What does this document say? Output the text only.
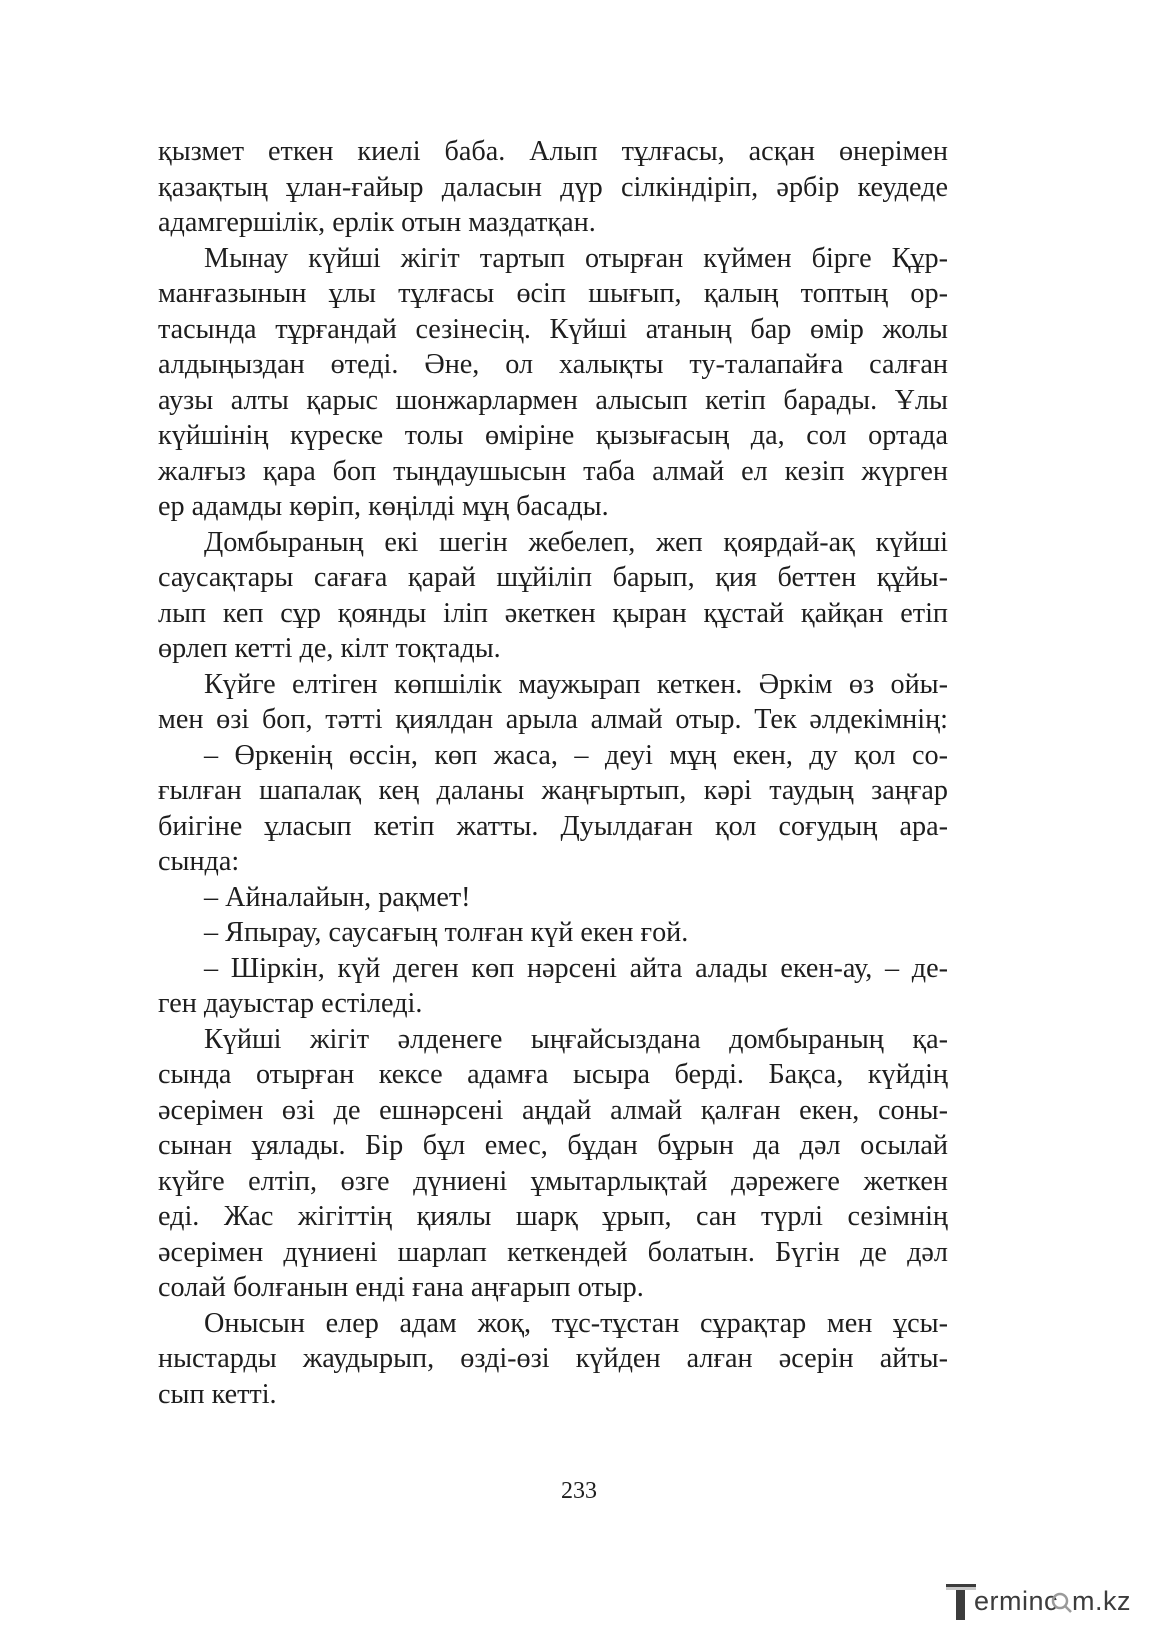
қызмет еткен киелі баба. Алып тұлғасы, асқан өнерімен
қазақтың ұлан-ғайыр даласын дүр сілкіндіріп, әрбір кеудеде
адамгершілік, ерлік отын маздатқан.
Мынау күйші жігіт тартып отырған күймен бірге Құр-
манғазынын ұлы тұлғасы өсіп шығып, қалың топтың ор-
тасында тұрғандай сезінесің. Күйші атаның бар өмір жолы
алдыңыздан өтеді. Әне, ол халықты ту-талапайға салған
аузы алты қарыс шонжарлармен алысып кетіп барады. Ұлы
күйшінің күреске толы өміріне қызығасың да, сол ортада
жалғыз қара боп тыңдаушысын таба алмай ел кезіп жүрген
ер адамды көріп, көңілді мұң басады.
Домбыраның екі шегін жебелеп, жеп қоярдай-ақ күйші
саусақтары сағаға қарай шұйіліп барып, қия беттен құйы-
лып кеп сұр қоянды іліп әкеткен қыран құстай қайқан етіп
өрлеп кетті де, кілт тоқтады.
Күйге елтіген көпшілік маужырап кеткен. Әркім өз ойы-
мен өзі боп, тәтті қиялдан арыла алмай отыр. Тек әлдекімнің:
– Өркенің өссін, көп жаса, – деуі мұң екен, ду қол со-
ғылған шапалақ кең даланы жаңғыртып, кәрі таудың заңғар
биігіне ұласып кетіп жатты. Дуылдаған қол соғудың ара-
сында:
– Айналайын, рақмет!
– Япырау, саусағың толған күй екен ғой.
– Шіркін, күй деген көп нәрсені айта алады екен-ау, – де-
ген дауыстар естіледі.
Күйші жігіт әлденеге ыңғайсыздана домбыраның қа-
сында отырған кексе адамға ысыра берді. Бақса, күйдің
әсерімен өзі де ешнәрсені аңдай алмай қалған екен, соны-
сынан ұялады. Бір бұл емес, бұдан бұрын да дәл осылай
күйге елтіп, өзге дүниені ұмытарлықтай дәрежеге жеткен
еді. Жас жігіттің қиялы шарқ ұрып, сан түрлі сезімнің
әсерімен дүниені шарлап кеткендей болатын. Бүгін де дәл
солай болғанын енді ғана аңғарып отыр.
Онысын елер адам жоқ, тұс-тұстан сұрақтар мен ұсы-
ныстарды жаудырып, өзді-өзі күйден алған әсерін айты-
сып кетті.
233
erminc m.kz
